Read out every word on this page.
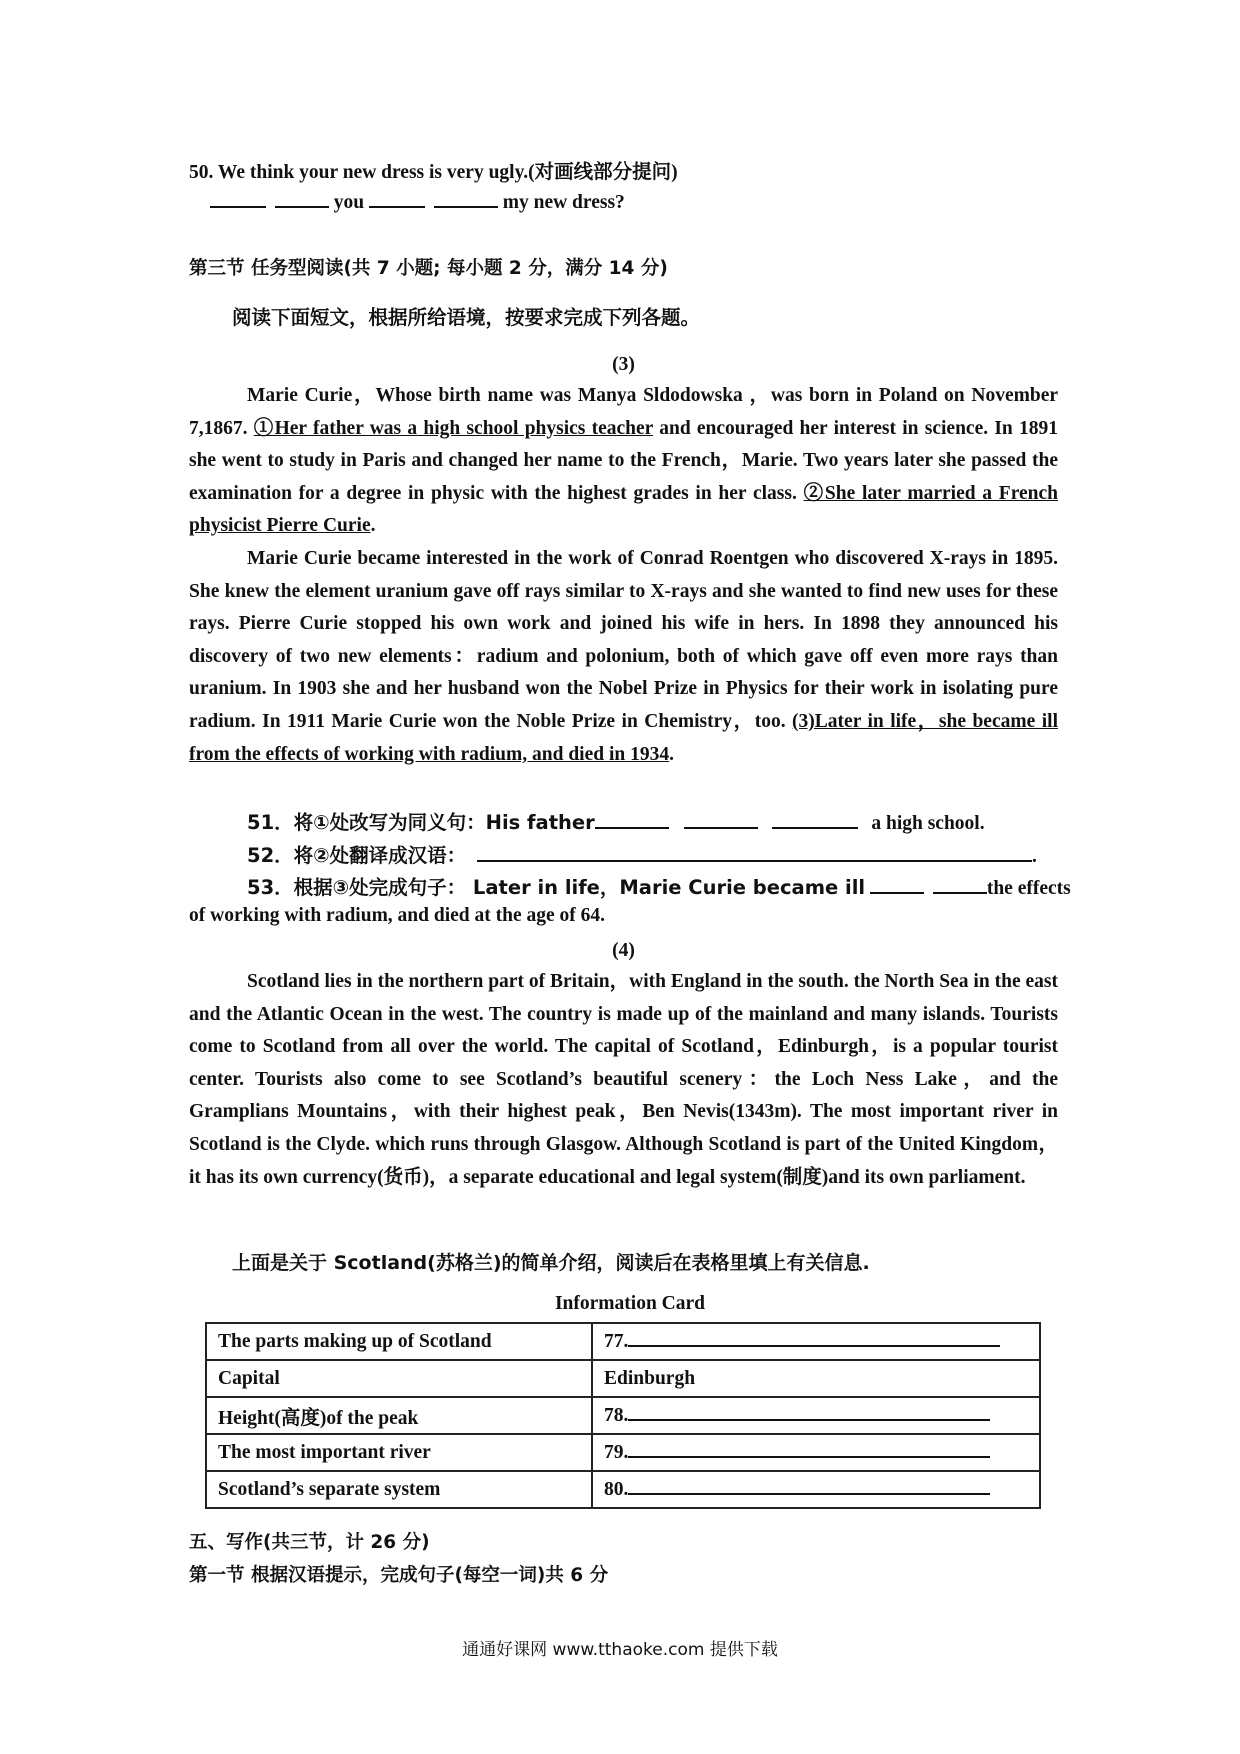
50. We think your new dress is very ugly.(对画线部分提问)
you	my new dress?
第三节 任务型阅读(共 7 小题; 每小题 2 分，满分 14 分)
阅读下面短文，根据所给语境，按要求完成下列各题。
(3)

Marie Curie，Whose birth name was Manya Sldodowska ，was born in Poland on November 7,1867. ①Her father was a high school physics teacher and encouraged her interest in science. In 1891 she went to study in Paris and changed her name to the French，Marie. Two years later she passed the examination for a degree in physic with the highest grades in her class. ②She later married a French physicist Pierre Curie.

Marie Curie became interested in the work of Conrad Roentgen who discovered X-rays in 1895. She knew the element uranium gave off rays similar to X-rays and she wanted to find new uses for these rays. Pierre Curie stopped his own work and joined his wife in hers. In 1898 they announced his discovery of two new elements：radium and polonium, both of which gave off even more rays than uranium. In 1903 she and her husband won the Nobel Prize in Physics for their work in isolating pure radium. In 1911 Marie Curie won the Noble Prize in Chemistry，too. (3)Later in life，she became ill from the effects of working with radium, and died in 1934.

51．将①处改写为同义句：His father	a high school.
52．将②处翻译成汉语：	.
53．根据③处完成句子： Later in life，Marie Curie became ill	the effects
of working with radium, and died at the age of 64.
(4)

Scotland lies in the northern part of Britain，with England in the south. the North Sea in the east and the Atlantic Ocean in the west. The country is made up of the mainland and many islands. Tourists come to Scotland from all over the world. The capital of Scotland，Edinburgh，is a popular tourist center. Tourists also come to see Scotland’s beautiful scenery：the Loch Ness Lake，and the Gramplians Mountains，with their highest peak，Ben Nevis(1343m). The most important river in Scotland is the Clyde. which runs through Glasgow. Although Scotland is part of the United Kingdom，it has its own currency(货币)，a separate educational and legal system(制度)and its own parliament.

上面是关于 Scotland(苏格兰)的简单介绍，阅读后在表格里填上有关信息.
Information Card
The parts making up of Scotland	77.
Capital	Edinburgh
Height(高度)of the peak	78.
The most important river	79.
Scotland’s separate system	80.
五、写作(共三节，计 26 分)
第一节 根据汉语提示，完成句子(每空一词)共 6 分
通通好课网 www.tthaoke.com 提供下载
